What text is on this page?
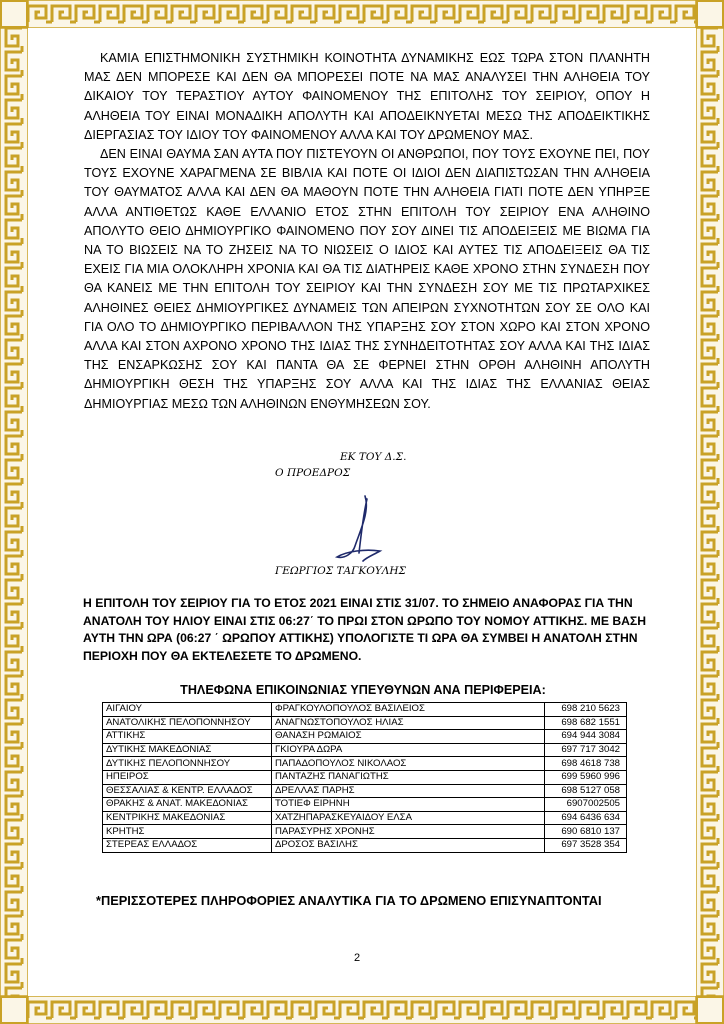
ΚΑΜΙΑ ΕΠΙΣΤΗΜΟΝΙΚΗ ΣΥΣΤΗΜΙΚΗ ΚΟΙΝΟΤΗΤΑ ΔΥΝΑΜΙΚΗΣ ΕΩΣ ΤΩΡΑ ΣΤΟΝ ΠΛΑΝΗΤΗ ΜΑΣ ΔΕΝ ΜΠΟΡΕΣΕ ΚΑΙ ΔΕΝ ΘΑ ΜΠΟΡΕΣΕΙ ΠΟΤΕ ΝΑ ΜΑΣ ΑΝΑΛΥΣΕΙ ΤΗΝ ΑΛΗΘΕΙΑ ΤΟΥ ΔΙΚΑΙΟΥ ΤΟΥ ΤΕΡΑΣΤΙΟΥ ΑΥΤΟΥ ΦΑΙΝΟΜΕΝΟΥ ΤΗΣ ΕΠΙΤΟΛΗΣ ΤΟΥ ΣΕΙΡΙΟΥ, ΟΠΟΥ Η ΑΛΗΘΕΙΑ ΤΟΥ ΕΙΝΑΙ ΜΟΝΑΔΙΚΗ ΑΠΟΛΥΤΗ ΚΑΙ ΑΠΟΔΕΙΚΝΥΕΤΑΙ ΜΕΣΩ ΤΗΣ ΑΠΟΔΕΙΚΤΙΚΗΣ ΔΙΕΡΓΑΣΙΑΣ ΤΟΥ ΙΔΙΟΥ ΤΟΥ ΦΑΙΝΟΜΕΝΟΥ ΑΛΛΑ ΚΑΙ ΤΟΥ ΔΡΩΜΕΝΟΥ ΜΑΣ.

ΔΕΝ ΕΙΝΑΙ ΘΑΥΜΑ ΣΑΝ ΑΥΤΑ ΠΟΥ ΠΙΣΤΕΥΟΥΝ ΟΙ ΑΝΘΡΩΠΟΙ, ΠΟΥ ΤΟΥΣ ΕΧΟΥΝΕ ΠΕΙ, ΠΟΥ ΤΟΥΣ ΕΧΟΥΝΕ ΧΑΡΑΓΜΕΝΑ ΣΕ ΒΙΒΛΙΑ ΚΑΙ ΠΟΤΕ ΟΙ ΙΔΙΟΙ ΔΕΝ ΔΙΑΠΙΣΤΩΣΑΝ ΤΗΝ ΑΛΗΘΕΙΑ ΤΟΥ ΘΑΥΜΑΤΟΣ ΑΛΛΑ ΚΑΙ ΔΕΝ ΘΑ ΜΑΘΟΥΝ ΠΟΤΕ ΤΗΝ ΑΛΗΘΕΙΑ ΓΙΑΤΙ ΠΟΤΕ ΔΕΝ ΥΠΗΡΞΕ ΑΛΛΑ ΑΝΤΙΘΕΤΩΣ ΚΑΘΕ ΕΛΛΑΝΙΟ ΕΤΟΣ ΣΤΗΝ ΕΠΙΤΟΛΗ ΤΟΥ ΣΕΙΡΙΟΥ ΕΝΑ ΑΛΗΘΙΝΟ ΑΠΟΛΥΤΟ ΘΕΙΟ ΔΗΜΙΟΥΡΓΙΚΟ ΦΑΙΝΟΜΕΝΟ ΠΟΥ ΣΟΥ ΔΙΝΕΙ ΤΙΣ ΑΠΟΔΕΙΞΕΙΣ ΜΕ ΒΙΩΜΑ ΓΙΑ ΝΑ ΤΟ ΒΙΩΣΕΙΣ ΝΑ ΤΟ ΖΗΣΕΙΣ ΝΑ ΤΟ ΝΙΩΣΕΙΣ Ο ΙΔΙΟΣ ΚΑΙ ΑΥΤΕΣ ΤΙΣ ΑΠΟΔΕΙΞΕΙΣ ΘΑ ΤΙΣ ΕΧΕΙΣ ΓΙΑ ΜΙΑ ΟΛΟΚΛΗΡΗ ΧΡΟΝΙΑ ΚΑΙ ΘΑ ΤΙΣ ΔΙΑΤΗΡΕΙΣ ΚΑΘΕ ΧΡΟΝΟ ΣΤΗΝ ΣΥΝΔΕΣΗ ΠΟΥ ΘΑ ΚΑΝΕΙΣ ΜΕ ΤΗΝ ΕΠΙΤΟΛΗ ΤΟΥ ΣΕΙΡΙΟΥ ΚΑΙ ΤΗΝ ΣΥΝΔΕΣΗ ΣΟΥ ΜΕ ΤΙΣ ΠΡΩΤΑΡΧΙΚΕΣ ΑΛΗΘΙΝΕΣ ΘΕΙΕΣ ΔΗΜΙΟΥΡΓΙΚΕΣ ΔΥΝΑΜΕΙΣ ΤΩΝ ΑΠΕΙΡΩΝ ΣΥΧΝΟΤΗΤΩΝ ΣΟΥ ΣΕ ΟΛΟ ΚΑΙ ΓΙΑ ΟΛΟ ΤΟ ΔΗΜΙΟΥΡΓΙΚΟ ΠΕΡΙΒΑΛΛΟΝ ΤΗΣ ΥΠΑΡΞΗΣ ΣΟΥ ΣΤΟΝ ΧΩΡΟ ΚΑΙ ΣΤΟΝ ΧΡΟΝΟ ΑΛΛΑ ΚΑΙ ΣΤΟΝ ΑΧΡΟΝΟ ΧΡΟΝΟ ΤΗΣ ΙΔΙΑΣ ΤΗΣ ΣΥΝΗΔΕΙΤΟΤΗΤΑΣ ΣΟΥ ΑΛΛΑ ΚΑΙ ΤΗΣ ΙΔΙΑΣ ΤΗΣ ΕΝΣΑΡΚΩΣΗΣ ΣΟΥ ΚΑΙ ΠΑΝΤΑ ΘΑ ΣΕ ΦΕΡΝΕΙ ΣΤΗΝ ΟΡΘΗ ΑΛΗΘΙΝΗ ΑΠΟΛΥΤΗ ΔΗΜΙΟΥΡΓΙΚΗ ΘΕΣΗ ΤΗΣ ΥΠΑΡΞΗΣ ΣΟΥ ΑΛΛΑ ΚΑΙ ΤΗΣ ΙΔΙΑΣ ΤΗΣ ΕΛΛΑΝΙΑΣ ΘΕΙΑΣ ΔΗΜΙΟΥΡΓΙΑΣ ΜΕΣΩ ΤΩΝ ΑΛΗΘΙΝΩΝ ΕΝΘΥΜΗΣΕΩΝ ΣΟΥ.

ΕΚ ΤΟΥ Δ.Σ.
Ο ΠΡΟΕΔΡΟΣ
ΓΕΩΡΓΙΟΣ ΤΑΓΚΟΥΛΗΣ

Η ΕΠΙΤΟΛΗ ΤΟΥ ΣΕΙΡΙΟΥ ΓΙΑ ΤΟ ΕΤΟΣ 2021 ΕΙΝΑΙ ΣΤΙΣ 31/07. ΤΟ ΣΗΜΕΙΟ ΑΝΑΦΟΡΑΣ ΓΙΑ ΤΗΝ ΑΝΑΤΟΛΗ ΤΟΥ ΗΛΙΟΥ ΕΙΝΑΙ ΣΤΙΣ 06:27΄ ΤΟ ΠΡΩΙ ΣΤΟΝ ΩΡΩΠΟ ΤΟΥ ΝΟΜΟΥ ΑΤΤΙΚΗΣ. ΜΕ ΒΑΣΗ ΑΥΤΗ ΤΗΝ ΩΡΑ (06:27 ΄ ΩΡΩΠΟΥ ΑΤΤΙΚΗΣ) ΥΠΟΛΟΓΙΣΤΕ ΤΙ ΩΡΑ ΘΑ ΣΥΜΒΕΙ Η ΑΝΑΤΟΛΗ ΣΤΗΝ ΠΕΡΙΟΧΗ ΠΟΥ ΘΑ ΕΚΤΕΛΕΣΕΤΕ ΤΟ ΔΡΩΜΕΝΟ.

ΤΗΛΕΦΩΝΑ ΕΠΙΚΟΙΝΩΝΙΑΣ ΥΠΕΥΘΥΝΩΝ ΑΝΑ ΠΕΡΙΦΕΡΕΙΑ:
ΑΙΓΑΙΟΥ	ΦΡΑΓΚΟΥΛΟΠΟΥΛΟΣ ΒΑΣΙΛΕΙΟΣ	698 210 5623
ΑΝΑΤΟΛΙΚΗΣ ΠΕΛΟΠΟΝΝΗΣΟΥ	ΑΝΑΓΝΩΣΤΟΠΟΥΛΟΣ ΗΛΙΑΣ	698 682 1551
ΑΤΤΙΚΗΣ	ΘΑΝΑΣΗ ΡΩΜΑΙΟΣ	694 944 3084
ΔΥΤΙΚΗΣ ΜΑΚΕΔΟΝΙΑΣ	ΓΚΙΟΥΡΑ ΔΩΡΑ	697 717 3042
ΔΥΤΙΚΗΣ ΠΕΛΟΠΟΝΝΗΣΟΥ	ΠΑΠΑΔΟΠΟΥΛΟΣ ΝΙΚΟΛΑΟΣ	698 4618 738
ΗΠΕΙΡΟΣ	ΠΑΝΤΑΖΗΣ ΠΑΝΑΓΙΩΤΗΣ	699 5960 996
ΘΕΣΣΑΛΙΑΣ & ΚΕΝΤΡ. ΕΛΛΑΔΟΣ	ΔΡΕΛΛΑΣ ΠΑΡΗΣ	698 5127 058
ΘΡΑΚΗΣ & ΑΝΑΤ. ΜΑΚΕΔΟΝΙΑΣ	ΤΟΤΙΕΦ ΕΙΡΗΝΗ	6907002505
ΚΕΝΤΡΙΚΗΣ ΜΑΚΕΔΟΝΙΑΣ	ΧΑΤΖΗΠΑΡΑΣΚΕΥΑΙΔΟΥ ΕΛΣΑ	694 6436 634
ΚΡΗΤΗΣ	ΠΑΡΑΣΥΡΗΣ ΧΡΟΝΗΣ	690 6810 137
ΣΤΕΡΕΑΣ ΕΛΛΑΔΟΣ	ΔΡΟΣΟΣ ΒΑΣΙΛΗΣ	697 3528 354
*ΠΕΡΙΣΣΟΤΕΡΕΣ ΠΛΗΡΟΦΟΡΙΕΣ ΑΝΑΛΥΤΙΚΑ ΓΙΑ ΤΟ ΔΡΩΜΕΝΟ ΕΠΙΣΥΝΑΠΤΟΝΤΑΙ
2
